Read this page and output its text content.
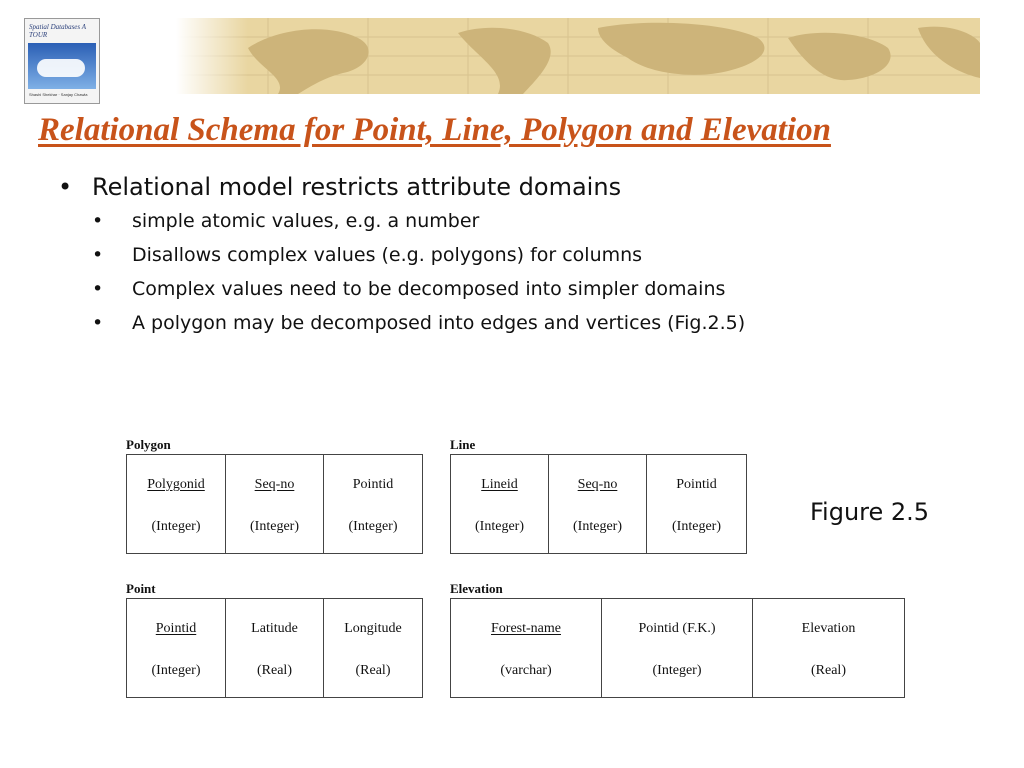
Spatial Databases A TOUR
Shashi Shekhar · Sanjay Chawla
Relational Schema for Point, Line, Polygon and Elevation
• Relational model restricts attribute domains
• simple atomic values, e.g. a number
• Disallows complex values (e.g. polygons) for columns
• Complex values need to be decomposed into simpler domains
• A polygon may be decomposed into edges and vertices (Fig.2.5)
Polygon
Polygonid
(Integer)
Seq-no
(Integer)
Pointid
(Integer)
Line
Lineid
(Integer)
Seq-no
(Integer)
Pointid
(Integer)
Figure 2.5
Point
Pointid
(Integer)
Latitude
(Real)
Longitude
(Real)
Elevation
Forest-name
(varchar)
Pointid (F.K.)
(Integer)
Elevation
(Real)
